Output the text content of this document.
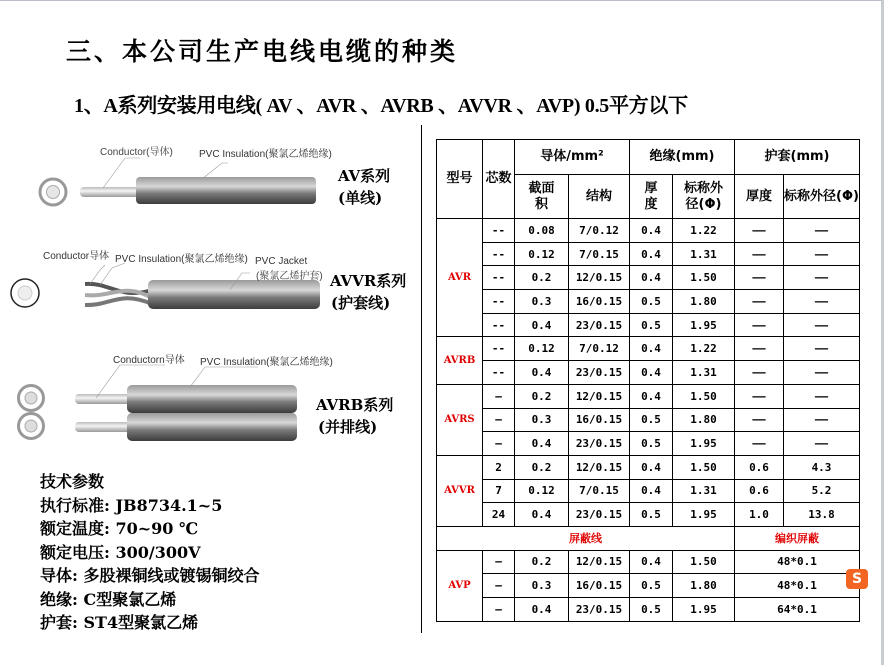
三、本公司生产电线电缆的种类
1、A系列安装用电线( AV 、AVR 、AVRB 、AVVR 、AVP) 0.5平方以下
Conductor(导体)	PVC Insulation(聚氯乙烯绝缘)
AV系列
(单线)
Conductor导体 PVC Insulation(聚氯乙烯绝缘) PVC Jacket
(聚氯乙烯护套) AVVR系列
(护套线)
Conductorn导体 PVC Insulation(聚氯乙烯绝缘)
AVRB系列
(并排线)
技术参数
执行标准: JB8734.1~5
额定温度: 70~90 ℃
额定电压: 300/300V
导体: 多股裸铜线或镀锡铜绞合
绝缘: C型聚氯乙烯
护套: ST4型聚氯乙烯
型号	芯数	导体/mm²		绝缘(mm)		护套(mm)	
		截面积	结构	厚度	标称外径(Φ)	厚度	标称外径(Φ)
AVR	--	0.08	7/0.12	0.4	1.22	——	——
	--	0.12	7/0.15	0.4	1.31	——	——
	--	0.2	12/0.15	0.4	1.50	——	——
	--	0.3	16/0.15	0.5	1.80	——	——
	--	0.4	23/0.15	0.5	1.95	——	——
AVRB	--	0.12	7/0.12	0.4	1.22	——	——
	--	0.4	23/0.15	0.4	1.31	——	——
AVRS	—	0.2	12/0.15	0.4	1.50	——	——
	—	0.3	16/0.15	0.5	1.80	——	——
	—	0.4	23/0.15	0.5	1.95	——	——
AVVR	2	0.2	12/0.15	0.4	1.50	0.6	4.3
	7	0.12	7/0.15	0.4	1.31	0.6	5.2
	24	0.4	23/0.15	0.5	1.95	1.0	13.8
屏蔽线						编织屏蔽	
AVP	—	0.2	12/0.15	0.4	1.50	48*0.1	
	—	0.3	16/0.15	0.5	1.80	48*0.1	
	—	0.4	23/0.15	0.5	1.95	64*0.1	
S
